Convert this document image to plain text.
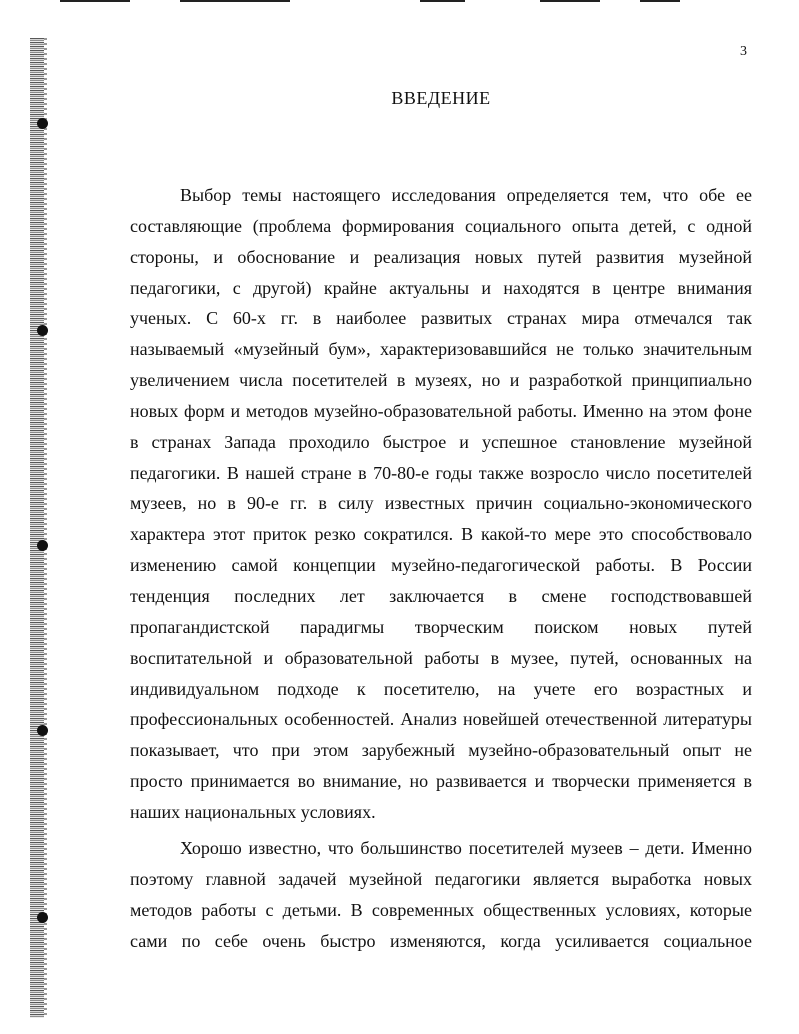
3
ВВЕДЕНИЕ
Выбор темы настоящего исследования определяется тем, что обе ее
составляющие (проблема формирования социального опыта детей, с одной
стороны, и обоснование и реализация новых путей развития музейной
педагогики, с другой) крайне актуальны и находятся в центре внимания
ученых. С 60-х гг. в наиболее развитых странах мира отмечался так
называемый «музейный бум», характеризовавшийся не только значительным
увеличением числа посетителей в музеях, но и разработкой принципиально
новых форм и методов музейно-образовательной работы. Именно на этом фоне
в странах Запада проходило быстрое и успешное становление музейной
педагогики. В нашей стране в 70-80-е годы также возросло число посетителей
музеев, но в 90-е гг. в силу известных причин социально-экономического
характера этот приток резко сократился. В какой-то мере это способствовало
изменению самой концепции музейно-педагогической работы. В России
тенденция последних лет заключается в смене господствовавшей
пропагандистской парадигмы творческим поиском новых путей
воспитательной и образовательной работы в музее, путей, основанных на
индивидуальном подходе к посетителю, на учете его возрастных и
профессиональных особенностей. Анализ новейшей отечественной литературы
показывает, что при этом зарубежный музейно-образовательный опыт не
просто принимается во внимание, но развивается и творчески применяется в
наших национальных условиях.
Хорошо известно, что большинство посетителей музеев – дети. Именно
поэтому главной задачей музейной педагогики является выработка новых
методов работы с детьми. В современных общественных условиях, которые
сами по себе очень быстро изменяются, когда усиливается социальное
